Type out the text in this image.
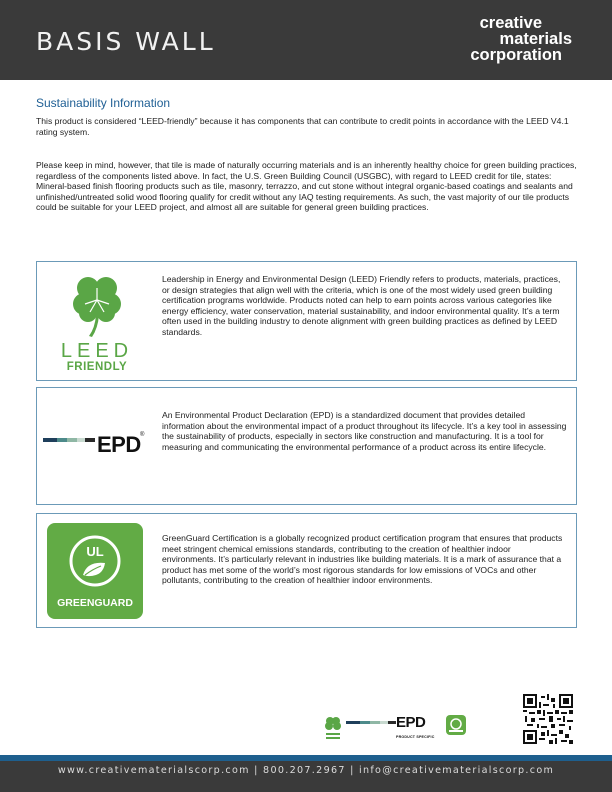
BASIS WALL
creative
materials
corporation
Sustainability Information
This product is considered “LEED-friendly” because it has components that can contribute to credit points in accordance with the LEED V4.1 rating system.
Please keep in mind, however, that tile is made of naturally occurring materials and is an inherently healthy choice for green building practices, regardless of the components listed above. In fact, the U.S. Green Building Council (USGBC), with regard to LEED credit for tile, states: Mineral-based finish flooring products such as tile, masonry, terrazzo, and cut stone without integral organic-based coatings and sealants and unfinished/untreated solid wood flooring qualify for credit without any IAQ testing requirements. As such, the vast majority of our tile products could be suitable for your LEED project, and almost all are suitable for general green building practices.
LEED
FRIENDLY
Leadership in Energy and Environmental Design (LEED) Friendly refers to products, materials, practices, or design strategies that align well with the criteria, which is one of the most widely used green building certification programs worldwide. Products noted can help to earn points across various categories like energy efficiency, water conservation, material sustainability, and indoor environmental quality. It’s a term often used in the building industry to denote alignment with green building practices as defined by LEED standards.
EPD ®
An Environmental Product Declaration (EPD) is a standardized document that provides detailed information about the environmental impact of a product throughout its lifecycle. It’s a key tool in assessing the sustainability of products, especially in sectors like construction and manufacturing. It is a tool for measuring and communicating the environmental performance of a product across its entire lifecycle.
UL
GREENGUARD
GreenGuard Certification is a globally recognized product certification program that ensures that products meet stringent chemical emissions standards, contributing to the creation of healthier indoor environments. It’s particularly relevant in industries like building materials. It is a mark of assurance that a product has met some of the world’s most rigorous standards for low emissions of VOCs and other pollutants, contributing to the creation of healthier indoor environments.
EPD
PRODUCT SPECIFIC
www.creativematerialscorp.com | 800.207.2967 | info@creativematerialscorp.com
